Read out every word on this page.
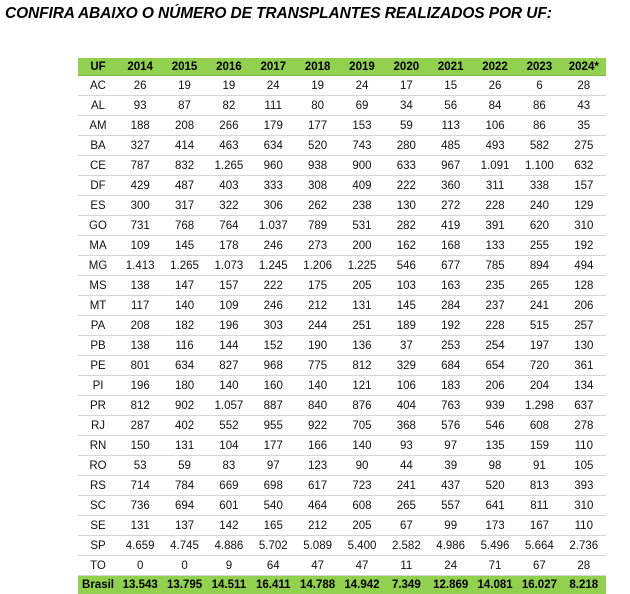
CONFIRA ABAIXO O NÚMERO DE TRANSPLANTES REALIZADOS POR UF:
UF	2014	2015	2016	2017	2018	2019	2020	2021	2022	2023	2024*
AC	26	19	19	24	19	24	17	15	26	6	28
AL	93	87	82	111	80	69	34	56	84	86	43
AM	188	208	266	179	177	153	59	113	106	86	35
BA	327	414	463	634	520	743	280	485	493	582	275
CE	787	832	1.265	960	938	900	633	967	1.091	1.100	632
DF	429	487	403	333	308	409	222	360	311	338	157
ES	300	317	322	306	262	238	130	272	228	240	129
GO	731	768	764	1.037	789	531	282	419	391	620	310
MA	109	145	178	246	273	200	162	168	133	255	192
MG	1.413	1.265	1.073	1.245	1.206	1.225	546	677	785	894	494
MS	138	147	157	222	175	205	103	163	235	265	128
MT	117	140	109	246	212	131	145	284	237	241	206
PA	208	182	196	303	244	251	189	192	228	515	257
PB	138	116	144	152	190	136	37	253	254	197	130
PE	801	634	827	968	775	812	329	684	654	720	361
PI	196	180	140	160	140	121	106	183	206	204	134
PR	812	902	1.057	887	840	876	404	763	939	1.298	637
RJ	287	402	552	955	922	705	368	576	546	608	278
RN	150	131	104	177	166	140	93	97	135	159	110
RO	53	59	83	97	123	90	44	39	98	91	105
RS	714	784	669	698	617	723	241	437	520	813	393
SC	736	694	601	540	464	608	265	557	641	811	310
SE	131	137	142	165	212	205	67	99	173	167	110
SP	4.659	4.745	4.886	5.702	5.089	5.400	2.582	4.986	5.496	5.664	2.736
TO	0	0	9	64	47	47	11	24	71	67	28
Brasil	13.543	13.795	14.511	16.411	14.788	14.942	7.349	12.869	14.081	16.027	8.218
